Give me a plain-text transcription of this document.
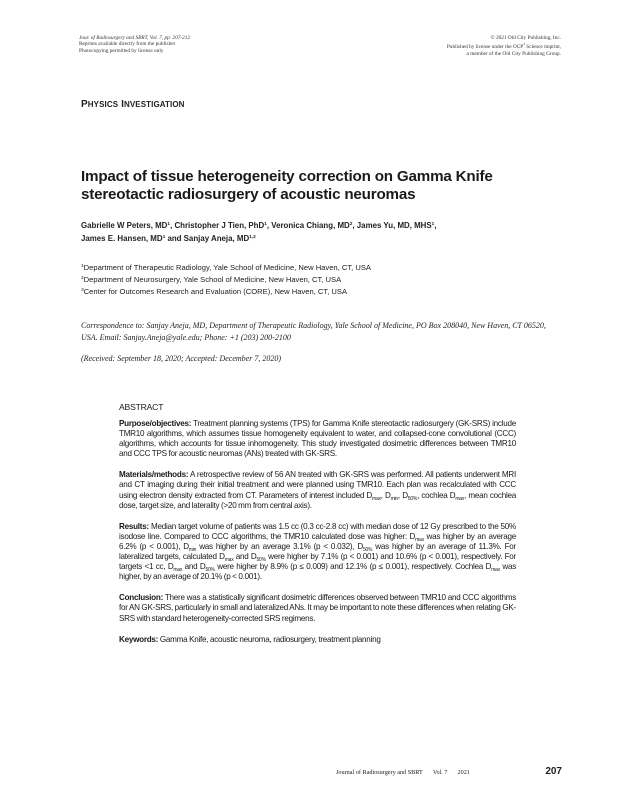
Jour. of Radiosurgery and SBRT, Vol. 7, pp. 207-212
Reprints available directly from the publisher
Photocopying permitted by license only
© 2021 Old City Publishing, Inc.
Published by license under the OCP$^3$ Science imprint,
a member of the Old City Publishing Group.
PHYSICS INVESTIGATION
Impact of tissue heterogeneity correction on Gamma Knife stereotactic radiosurgery of acoustic neuromas
Gabrielle W Peters, $MD^1$, Christopher J Tien, PhD$^1$, Veronica Chiang, $MD^2$, James Yu, MD, MHS$^1$,
James E. Hansen, $MD^1$ and Sanjay Aneja, MD$^{1,2}$
$^1$Department of Therapeutic Radiology, Yale School of Medicine, New Haven, CT, USA
$^2$Department of Neurosurgery, Yale School of Medicine, New Haven, CT, USA
$^3$Center for Outcomes Research and Evaluation (CORE), New Haven, CT, USA
Correspondence to: Sanjay Aneja, MD, Department of Therapeutic Radiology, Yale School of Medicine, PO Box 208040, New Haven, CT 06520, USA. Email: Sanjay.Aneja@yale.edu; Phone: +1 (203) 200-2100
(Received: September 18, 2020; Accepted: December 7, 2020)
ABSTRACT

Purpose/objectives: Treatment planning systems (TPS) for Gamma Knife stereotactic radiosurgery (GK-SRS) include TMR10 algorithms, which assumes tissue homogeneity equivalent to water, and collapsed-cone convolutional (CCC) algorithms, which accounts for tissue inhomogeneity. This study investigated dosimetric differences between TMR10 and CCC TPS for acoustic neuromas (ANs) treated with GK-SRS.

Materials/methods: A retrospective review of 56 AN treated with GK-SRS was performed. All patients underwent MRI and CT imaging during their initial treatment and were planned using TMR10. Each plan was recalculated with CCC using electron density extracted from CT. Parameters of interest included $D_{max}$, $D_{min}$, $D_{50\%}$, cochlea $D_{max}$, mean cochlea dose, target size, and laterality (>20 mm from central axis).

Results: Median target volume of patients was 1.5 cc (0.3 cc-2.8 cc) with median dose of 12 Gy prescribed to the 50% isodose line. Compared to CCC algorithms, the TMR10 calculated dose was higher: $D_{max}$ was higher by an average 6.2% (p < 0.001), $D_{min}$ was higher by an average 3.1% (p < 0.032), $D_{50\%}$ was higher by an average of 11.3%. For lateralized targets, calculated $D_{max}$ and $D_{50\%}$ were higher by 7.1% (p < 0.001) and 10.6% (p < 0.001), respectively. For targets <1 cc, $D_{max}$ and $D_{50\%}$ were higher by 8.9% (p ≤ 0.009) and 12.1% (p ≤ 0.001), respectively. Cochlea $D_{max}$ was higher, by an average of 20.1% (p < 0.001).

Conclusion: There was a statistically significant dosimetric differences observed between TMR10 and CCC algorithms for AN GK-SRS, particularly in small and lateralized ANs. It may be important to note these differences when relating GK-SRS with standard heterogeneity-corrected SRS regimens.

Keywords: Gamma Knife, acoustic neuroma, radiosurgery, treatment planning

Journal of Radiosurgery and SBRT Vol. 7 2021	207
